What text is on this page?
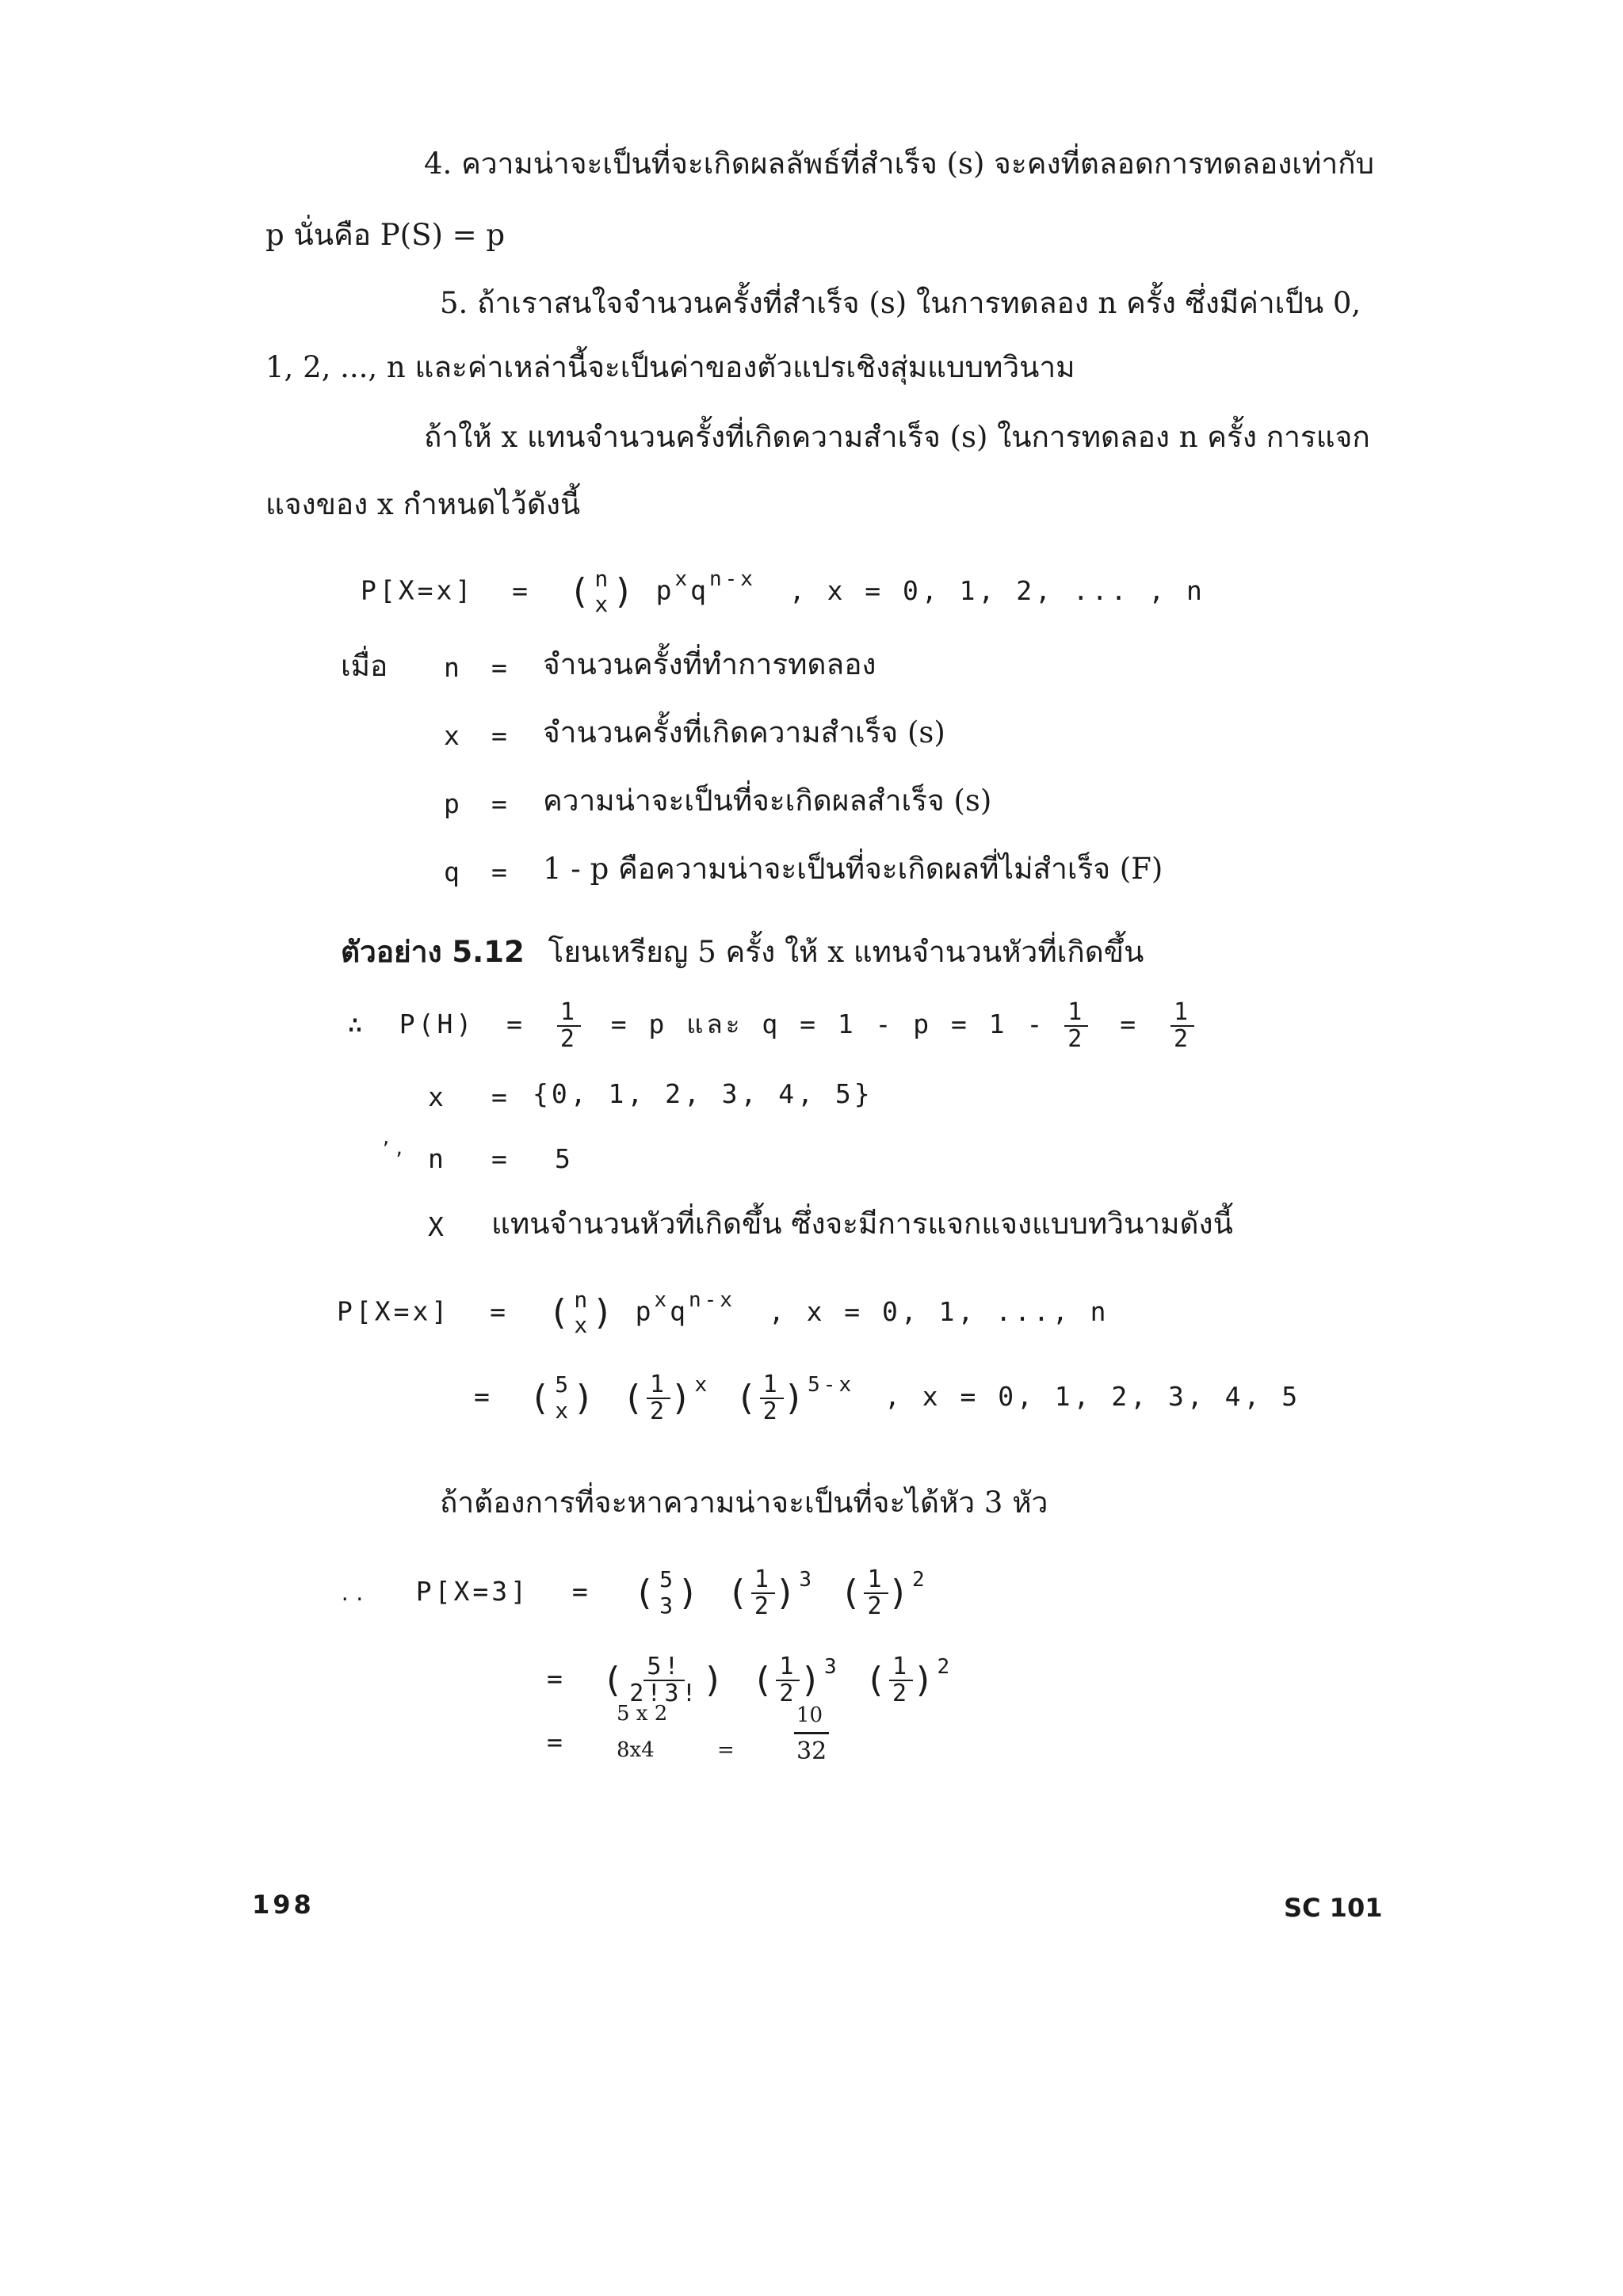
4. ความน่าจะเป็นที่จะเกิดผลลัพธ์ที่สำเร็จ (s) จะคงที่ตลอดการทดลองเท่ากับ
p นั่นคือ P(S) = p
5. ถ้าเราสนใจจำนวนครั้งที่สำเร็จ (s) ในการทดลอง n ครั้ง ซึ่งมีค่าเป็น 0,
1, 2, ..., n และค่าเหล่านี้จะเป็นค่าของตัวแปรเชิงสุ่มแบบทวินาม
ถ้าให้ x แทนจำนวนครั้งที่เกิดความสำเร็จ (s) ในการทดลอง n ครั้ง การแจก
แจงของ x กำหนดไว้ดังนี้
P[X=x] = ( n
x ) $p^xq^{n-x}$ , x = 0, 1, 2, ... , n
เมื่อ n = จำนวนครั้งที่ทำการทดลอง
x = จำนวนครั้งที่เกิดความสำเร็จ (s)
p = ความน่าจะเป็นที่จะเกิดผลสำเร็จ (s)
q = 1 - p คือความน่าจะเป็นที่จะเกิดผลที่ไม่สำเร็จ (F)
ตัวอย่าง 5.12 โยนเหรียญ 5 ครั้ง ให้ x แทนจำนวนหัวที่เกิดขึ้น
∴ $P(H) = \frac{1}{2} = p$ และ $q = 1 - p = 1 - \frac{1}{2} = \frac{1}{2}$
x = {0, 1, 2, 3, 4, 5}
ʼ, n = 5
X แทนจำนวนหัวที่เกิดขึ้น ซึ่งจะมีการแจกแจงแบบทวินามดังนี้
P[X=x] = ( n
x ) $p^xq^{n-x}$ , x = 0, 1, ..., n
= ( 5
x )
( $\frac{1}{2}$ ) $^x$ ( $\frac{1}{2}$ ) $^{5-x}$ , x = 0, 1, 2, 3, 4, 5
ถ้าต้องการที่จะหาความน่าจะเป็นที่จะได้หัว 3 หัว
.. P[X=3] = ( 5
3 )
( $\frac{1}{2}$ ) $^3$ ( $\frac{1}{2}$ ) $^2$
= ( $\frac{5!}{2!3!}$ )
( $\frac{1}{2}$ ) $^3$ ( $\frac{1}{2}$ ) $^2$
=
5 x 2
8x4	=
10
32
198	SC 101
